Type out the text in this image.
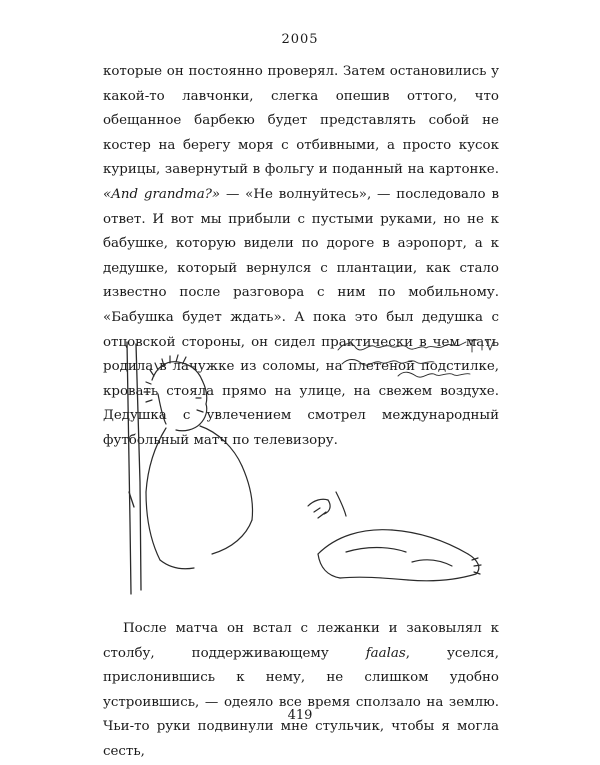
2005

которые он постоянно проверял. Затем остановились у какой-то лавчонки, слегка опешив оттого, что обещанное барбекю будет представлять собой не костер на берегу моря с отбивными, а просто кусок курицы, завернутый в фольгу и поданный на картонке. «And grandma?» — «Не волнуйтесь», — последовало в ответ. И вот мы прибыли с пустыми руками, но не к бабушке, которую видели по дороге в аэропорт, а к дедушке, который вернулся с плантации, как стало известно после разговора с ним по мобильному. «Бабушка будет ждать». А пока это был дедушка с отцовской стороны, он сидел практически в чем мать родила в лачужке из соломы, на плетеной подстилке, кровать стояла прямо на улице, на свежем воздухе. Дедушка с увлечением смотрел международный футбольный матч по телевизору.

После матча он встал с лежанки и заковылял к столбу, поддерживающему faalas, уселся, прислонившись к нему, не слишком удобно устроившись, — одеяло все время сползало на землю. Чьи-то руки подвинули мне стульчик, чтобы я могла сесть,

419
